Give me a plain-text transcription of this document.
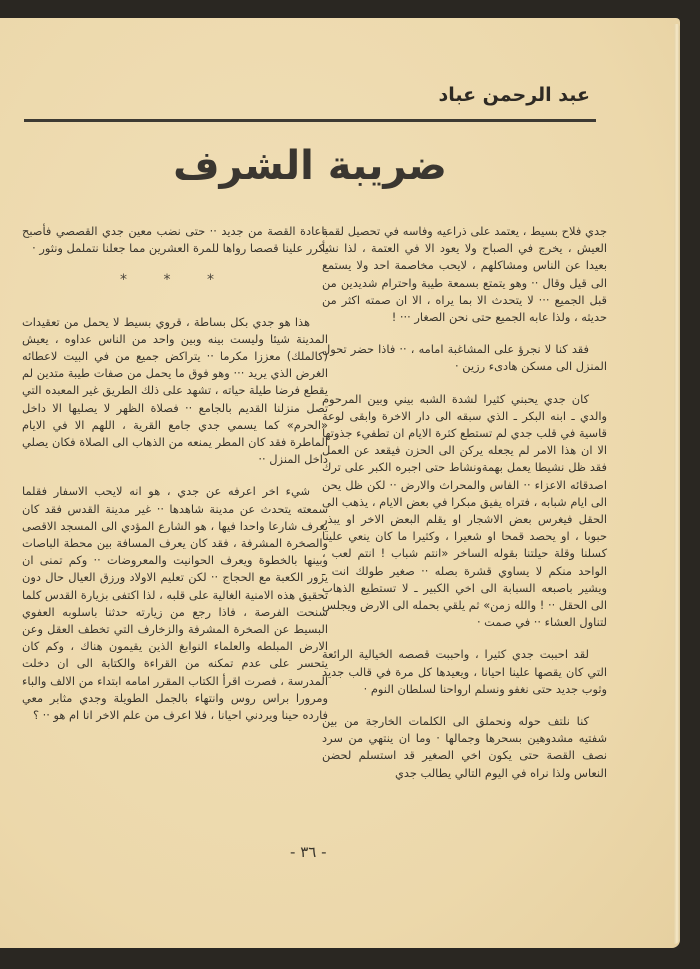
عبد الرحمن عباد
ضريبة الشرف

جدي فلاح بسيط ، يعتمد على ذراعيه وفاسه في تحصيل لقمة العيش ، يخرج في الصباح ولا يعود الا في العتمة ، لذا نشأ بعيدا عن الناس ومشاكلهم ، لايحب مخاصمة احد ولا يستمع الى قيل وقال ·· وهو يتمتع بسمعة طيبة واحترام شديدين من قبل الجميع ··· لا يتحدث الا بما يراه ، الا ان صمته اكثر من حديثه ، ولذا عابه الجميع حتى نحن الصغار ··· !

فقد كنا لا نجرؤ على المشاغبة امامه ، ·· فاذا حضر تحول المنزل الى مسكن هادىء رزين ·

كان جدي يحبني كثيرا لشدة الشبه بيني وبين المرحوم والدي ـ ابنه البكر ـ الذي سبقه الى دار الاخرة وابقى لوعة قاسية في قلب جدي لم تستطع كثرة الايام ان تطفيء جذوتها الا ان هذا الامر لم يجعله يركن الى الحزن فيقعد عن العمل فقد ظل نشيطا يعمل بهمةونشاط حتى اجبره الكبر على ترك اصدقائه الاعزاء ·· الفاس والمحراث والارض ·· لكن ظل يحن الى ايام شبابه ، فتراه يفيق مبكرا في بعض الايام ، يذهب الى الحقل فيغرس بعض الاشجار او يقلم البعض الاخر او يبذر حبوبا ، او يحصد قمحا او شعيرا ، وكثيرا ما كان ينعي علينا كسلنا وقلة حيلتنا بقوله الساخر «انتم شباب ! انتم لعب ، الواحد منكم لا يساوي قشرة بصله ·· صغير طولك انت ـ ويشير باصبعه السبابة الى اخي الكبير ـ لا تستطيع الذهاب الى الحقل ·· ! والله زمن» ثم يلقي بحمله الى الارض ويجلس لتناول العشاء ·· في صمت ·

لقد احببت جدي كثيرا ، واحببت قصصه الخيالية الرائعة التي كان يقصها علينا احيانا ، ويعيدها كل مرة في قالب جديد وثوب جديد حتى نغفو ونسلم ارواحنا لسلطان النوم ·

كنا نلتف حوله ونحملق الى الكلمات الخارجة من بين شفتيه مشدوهين بسحرها وجمالها · وما ان ينتهي من سرد نصف القصة حتى يكون اخي الصغير قد استسلم لحضن النعاس ولذا نراه في اليوم التالي يطالب جدي

باعادة القصة من جديد ·· حتى نضب معين جدي القصصي فأصبح يكرر علينا قصصا رواها للمرة العشرين مما جعلنا نتململ ونثور ·

* * *

هذا هو جدي بكل بساطة ، قروي بسيط لا يحمل من تعقيدات المدينة شيئا وليست بينه وبين واحد من الناس عداوه ، يعيش (كالملك) معززا مكرما ·· يتراكض جميع من في البيت لاعطائه الغرض الذي يريد ··· وهو فوق ما يحمل من صفات طيبة متدين لم يقطع فرضا طيلة حياته ، تشهد على ذلك الطريق غير المعبده التي تصل منزلنا القديم بالجامع ·· فصلاة الظهر لا يصليها الا داخل «الحرم» كما يسمي جدي جامع القرية ، اللهم الا في الايام الماطرة فقد كان المطر يمنعه من الذهاب الى الصلاة فكان يصلي داخل المنزل ··

شيء اخر اعرفه عن جدي ، هو انه لايحب الاسفار فقلما سمعته يتحدث عن مدينة شاهدها ·· غير مدينة القدس فقد كان يعرف شارعا واحدا فيها ، هو الشارع المؤدي الى المسجد الاقصى والصخرة المشرفة ، فقد كان يعرف المسافة بين محطة الباصات وبينها بالخطوة ويعرف الحوانيت والمعروضات ·· وكم تمنى ان يزور الكعبة مع الحجاج ·· لكن تعليم الاولاد ورزق العيال حال دون تحقيق هذه الامنية الغالية على قلبه ، لذا اكتفى بزيارة القدس كلما سنحت الفرصة ، فاذا رجع من زيارته حدثنا باسلوبه العفوي البسيط عن الصخرة المشرفة والزخارف التي تخطف العقل وعن الارض المبلطه والعلماء النوابغ الذين يقيمون هناك ، وكم كان يتحسر على عدم تمكنه من القراءة والكتابة الى ان دخلت المدرسة ، فصرت اقرأ الكتاب المقرر امامه ابتداء من الالف والباء ومرورا براس روس وانتهاء بالجمل الطويلة وجدي مثابر معي فارده حينا ويردني احيانا ، فلا اعرف من علم الاخر انا ام هو ·· ؟

- ٣٦ -
